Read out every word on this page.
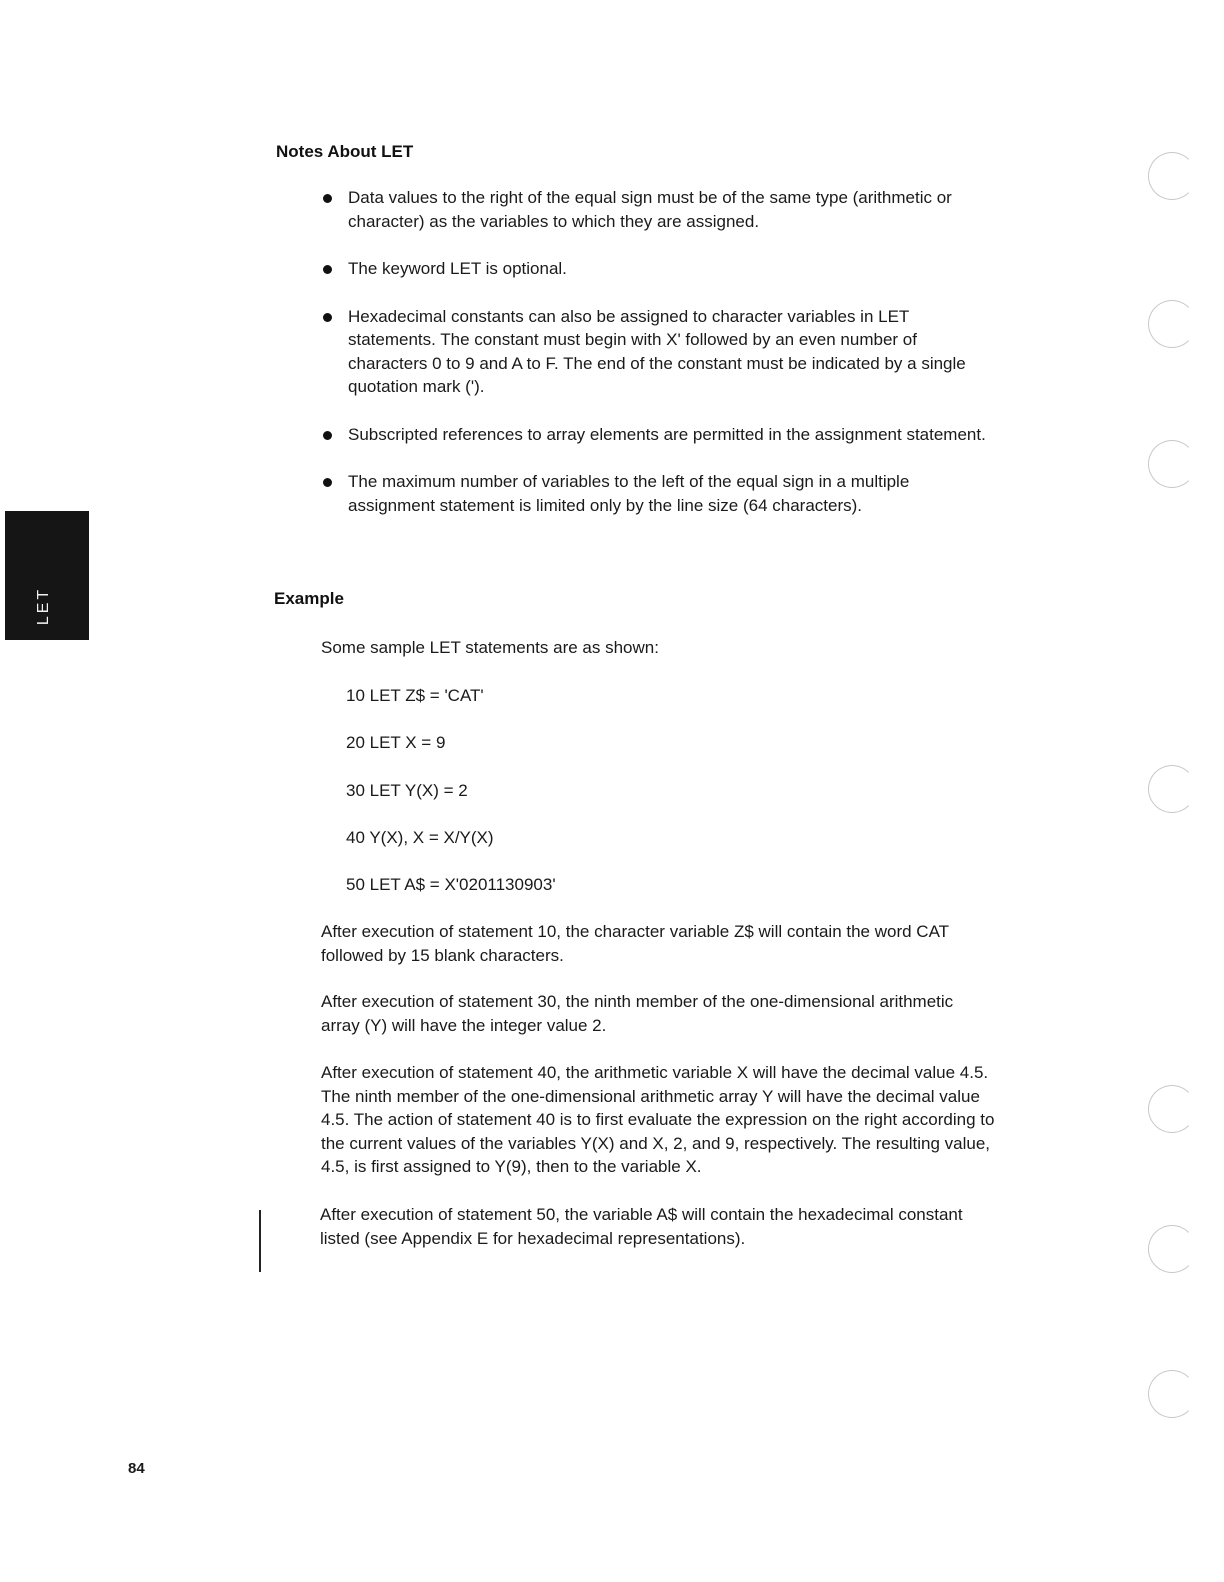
Notes About LET
Data values to the right of the equal sign must be of the same type (arithmetic or character) as the variables to which they are assigned.
The keyword LET is optional.
Hexadecimal constants can also be assigned to character variables in LET statements. The constant must begin with X' followed by an even number of characters 0 to 9 and A to F. The end of the constant must be indicated by a single quotation mark (').
Subscripted references to array elements are permitted in the assignment statement.
The maximum number of variables to the left of the equal sign in a multiple assignment statement is limited only by the line size (64 characters).
Example

Some sample LET statements are as shown:

10 LET Z$ = 'CAT'

20 LET X = 9

30 LET Y(X) = 2

40 Y(X), X = X/Y(X)

50 LET A$ = X'0201130903'

After execution of statement 10, the character variable Z$ will contain the word CAT followed by 15 blank characters.

After execution of statement 30, the ninth member of the one-dimensional arithmetic array (Y) will have the integer value 2.

After execution of statement 40, the arithmetic variable X will have the decimal value 4.5. The ninth member of the one-dimensional arithmetic array Y will have the decimal value 4.5. The action of statement 40 is to first evaluate the expression on the right according to the current values of the variables Y(X) and X, 2, and 9, respectively. The resulting value, 4.5, is first assigned to Y(9), then to the variable X.

After execution of statement 50, the variable A$ will contain the hexadecimal constant listed (see Appendix E for hexadecimal representations).

LET
84
